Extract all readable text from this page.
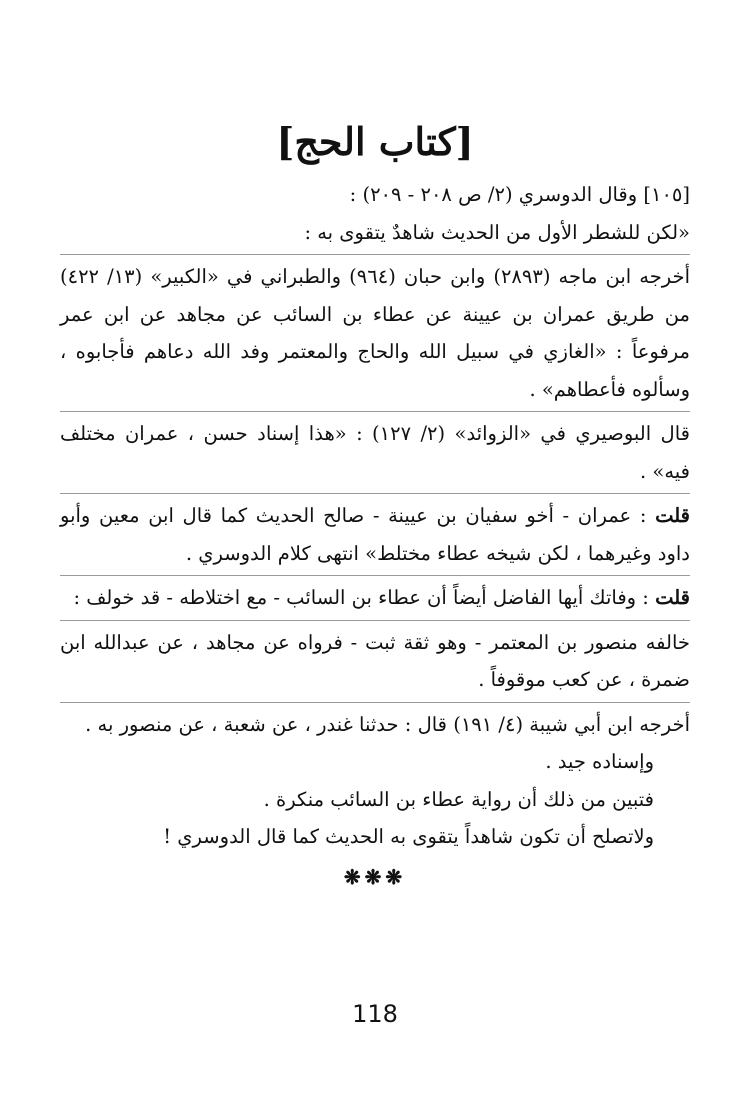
[كتاب الحج]

[١٠٥] وقال الدوسري (٢/ ص ٢٠٨ - ٢٠٩) :

«لكن للشطر الأول من الحديث شاهدٌ يتقوى به :

أخرجه ابن ماجه (٢٨٩٣) وابن حبان (٩٦٤) والطبراني في «الكبير» (١٣/ ٤٢٢) من طريق عمران بن عيينة عن عطاء بن السائب عن مجاهد عن ابن عمر مرفوعاً : «الغازي في سبيل الله والحاج والمعتمر وفد الله دعاهم فأجابوه ، وسألوه فأعطاهم» .

قال البوصيري في «الزوائد» (٢/ ١٢٧) : «هذا إسناد حسن ، عمران مختلف فيه» .

قلت : عمران - أخو سفيان بن عيينة - صالح الحديث كما قال ابن معين وأبو داود وغيرهما ، لكن شيخه عطاء مختلط» انتهى كلام الدوسري .

قلت : وفاتك أيها الفاضل أيضاً أن عطاء بن السائب - مع اختلاطه - قد خولف :

خالفه منصور بن المعتمر - وهو ثقة ثبت - فرواه عن مجاهد ، عن عبدالله ابن ضمرة ، عن كعب موقوفاً .

أخرجه ابن أبي شيبة (٤/ ١٩١) قال : حدثنا غندر ، عن شعبة ، عن منصور به .

وإسناده جيد .

فتبين من ذلك أن رواية عطاء بن السائب منكرة .

ولاتصلح أن تكون شاهداً يتقوى به الحديث كما قال الدوسري !

❋❋❋
118
